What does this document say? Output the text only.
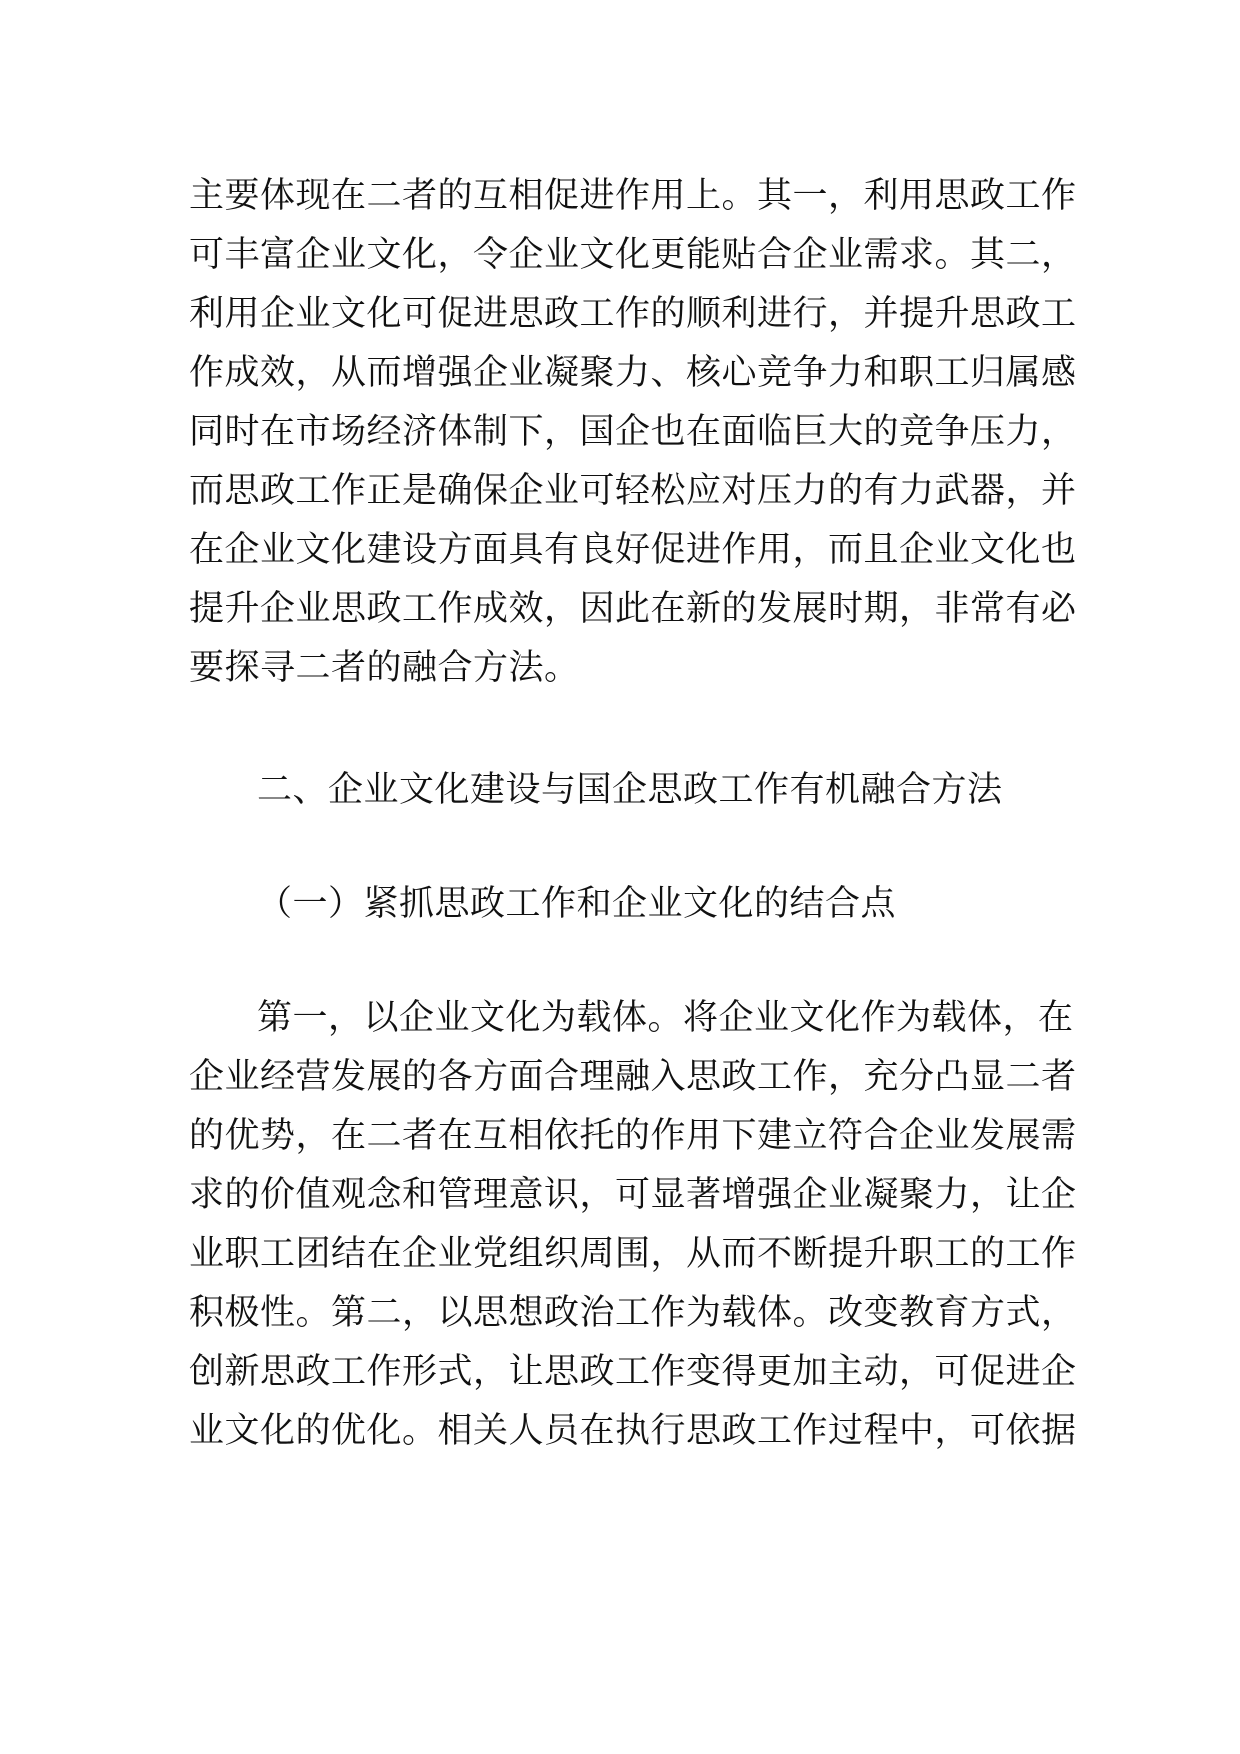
主要体现在二者的互相促进作用上。其一，利用思政工作
可丰富企业文化，令企业文化更能贴合企业需求。其二，
利用企业文化可促进思政工作的顺利进行，并提升思政工
作成效，从而增强企业凝聚力、核心竞争力和职工归属感
同时在市场经济体制下，国企也在面临巨大的竞争压力，
而思政工作正是确保企业可轻松应对压力的有力武器，并
在企业文化建设方面具有良好促进作用，而且企业文化也
提升企业思政工作成效，因此在新的发展时期，非常有必
要探寻二者的融合方法。
二、企业文化建设与国企思政工作有机融合方法
（一）紧抓思政工作和企业文化的结合点
第一，以企业文化为载体。将企业文化作为载体，在
企业经营发展的各方面合理融入思政工作，充分凸显二者
的优势，在二者在互相依托的作用下建立符合企业发展需
求的价值观念和管理意识，可显著增强企业凝聚力，让企
业职工团结在企业党组织周围，从而不断提升职工的工作
积极性。第二，以思想政治工作为载体。改变教育方式，
创新思政工作形式，让思政工作变得更加主动，可促进企
业文化的优化。相关人员在执行思政工作过程中，可依据
